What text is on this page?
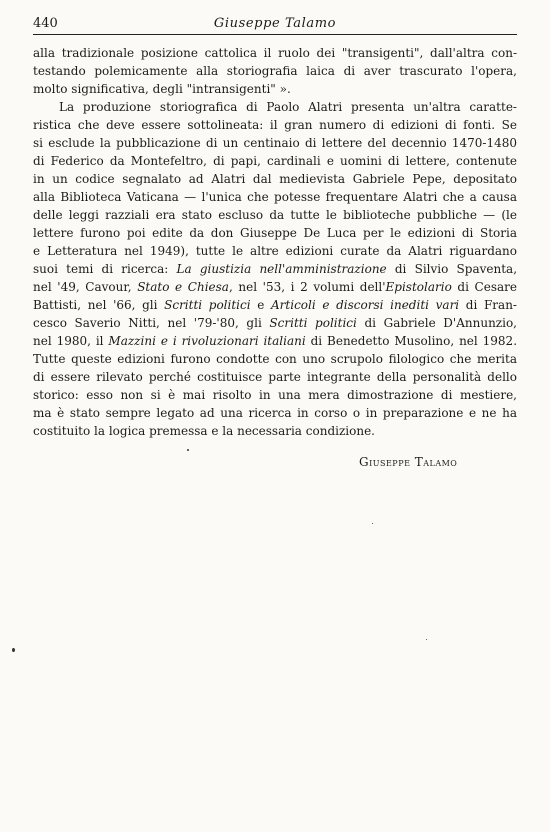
440	Giuseppe Talamo
alla tradizionale posizione cattolica il ruolo dei "transigenti", dall'altra con-
testando polemicamente alla storiografia laica di aver trascurato l'opera,
molto significativa, degli "intransigenti" ».
La produzione storiografica di Paolo Alatri presenta un'altra caratte-
ristica che deve essere sottolineata: il gran numero di edizioni di fonti. Se
si esclude la pubblicazione di un centinaio di lettere del decennio 1470-1480
di Federico da Montefeltro, di papi, cardinali e uomini di lettere, contenute
in un codice segnalato ad Alatri dal medievista Gabriele Pepe, depositato
alla Biblioteca Vaticana — l'unica che potesse frequentare Alatri che a causa
delle leggi razziali era stato escluso da tutte le biblioteche pubbliche — (le
lettere furono poi edite da don Giuseppe De Luca per le edizioni di Storia
e Letteratura nel 1949), tutte le altre edizioni curate da Alatri riguardano
suoi temi di ricerca: La giustizia nell'amministrazione di Silvio Spaventa,
nel '49, Cavour, Stato e Chiesa, nel '53, i 2 volumi dell'Epistolario di Cesare
Battisti, nel '66, gli Scritti politici e Articoli e discorsi inediti vari di Fran-
cesco Saverio Nitti, nel '79-'80, gli Scritti politici di Gabriele D'Annunzio,
nel 1980, il Mazzini e i rivoluzionari italiani di Benedetto Musolino, nel 1982.
Tutte queste edizioni furono condotte con uno scrupolo filologico che merita
di essere rilevato perché costituisce parte integrante della personalità dello
storico: esso non si è mai risolto in una mera dimostrazione di mestiere,
ma è stato sempre legato ad una ricerca in corso o in preparazione e ne ha
costituito la logica premessa e la necessaria condizione.
Giuseppe Talamo
